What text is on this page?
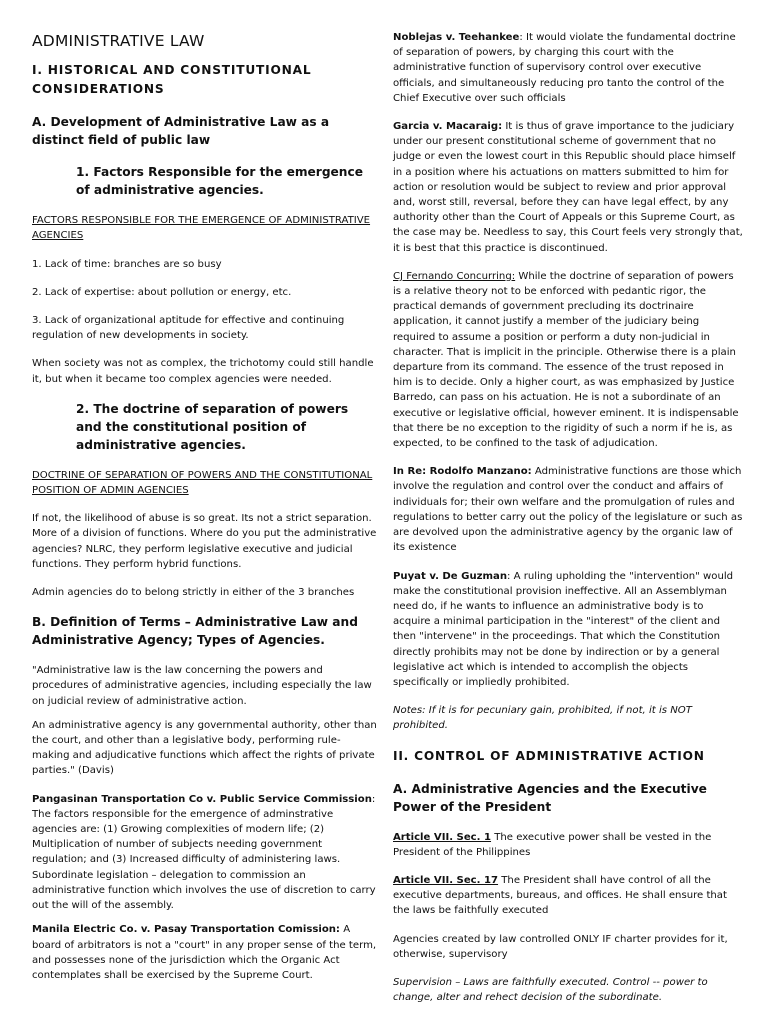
ADMINISTRATIVE LAW

I. HISTORICAL AND CONSTITUTIONAL CONSIDERATIONS

A. Development of Administrative Law as a distinct field of public law

1. Factors Responsible for the emergence of administrative agencies.

FACTORS RESPONSIBLE FOR THE EMERGENCE OF ADMINISTRATIVE AGENCIES

1. Lack of time: branches are so busy

2. Lack of expertise: about pollution or energy, etc.

3. Lack of organizational aptitude for effective and continuing regulation of new developments in society.

When society was not as complex, the trichotomy could still handle it, but when it became too complex agencies were needed.

2. The doctrine of separation of powers and the constitutional position of administrative agencies.

DOCTRINE OF SEPARATION OF POWERS AND THE CONSTITUTIONAL POSITION OF ADMIN AGENCIES

If not, the likelihood of abuse is so great. Its not a strict separation. More of a division of functions. Where do you put the administrative agencies? NLRC, they perform legislative executive and judicial functions. They perform hybrid functions.

Admin agencies do to belong strictly in either of the 3 branches

B. Definition of Terms – Administrative Law and Administrative Agency; Types of Agencies.

"Administrative law is the law concerning the powers and procedures of administrative agencies, including especially the law on judicial review of administrative action.

An administrative agency is any governmental authority, other than the court, and other than a legislative body, performing rule-making and adjudicative functions which affect the rights of private parties." (Davis)

Pangasinan Transportation Co v. Public Service Commission: The factors responsible for the emergence of adminstrative agencies are: (1) Growing complexities of modern life; (2) Multiplication of number of subjects needing government regulation; and (3) Increased difficulty of administering laws. Subordinate legislation – delegation to commission an administrative function which involves the use of discretion to carry out the will of the assembly.

Manila Electric Co. v. Pasay Transportation Comission: A board of arbitrators is not a "court" in any proper sense of the term, and possesses none of the jurisdiction which the Organic Act contemplates shall be exercised by the Supreme Court.

Noblejas v. Teehankee: It would violate the fundamental doctrine of separation of powers, by charging this court with the administrative function of supervisory control over executive officials, and simultaneously reducing pro tanto the control of the Chief Executive over such officials

Garcia v. Macaraig: It is thus of grave importance to the judiciary under our present constitutional scheme of government that no judge or even the lowest court in this Republic should place himself in a position where his actuations on matters submitted to him for action or resolution would be subject to review and prior approval and, worst still, reversal, before they can have legal effect, by any authority other than the Court of Appeals or this Supreme Court, as the case may be. Needless to say, this Court feels very strongly that, it is best that this practice is discontinued.

CJ Fernando Concurring: While the doctrine of separation of powers is a relative theory not to be enforced with pedantic rigor, the practical demands of government precluding its doctrinaire application, it cannot justify a member of the judiciary being required to assume a position or perform a duty non-judicial in character. That is implicit in the principle. Otherwise there is a plain departure from its command. The essence of the trust reposed in him is to decide. Only a higher court, as was emphasized by Justice Barredo, can pass on his actuation. He is not a subordinate of an executive or legislative official, however eminent. It is indispensable that there be no exception to the rigidity of such a norm if he is, as expected, to be confined to the task of adjudication.

In Re: Rodolfo Manzano: Administrative functions are those which involve the regulation and control over the conduct and affairs of individuals for; their own welfare and the promulgation of rules and regulations to better carry out the policy of the legislature or such as are devolved upon the administrative agency by the organic law of its existence

Puyat v. De Guzman: A ruling upholding the "intervention" would make the constitutional provision ineffective. All an Assemblyman need do, if he wants to influence an administrative body is to acquire a minimal participation in the "interest" of the client and then "intervene" in the proceedings. That which the Constitution directly prohibits may not be done by indirection or by a general legislative act which is intended to accomplish the objects specifically or impliedly prohibited.

Notes: If it is for pecuniary gain, prohibited, if not, it is NOT prohibited.

II. CONTROL OF ADMINISTRATIVE ACTION

A. Administrative Agencies and the Executive Power of the President

Article VII. Sec. 1 The executive power shall be vested in the President of the Philippines

Article VII. Sec. 17 The President shall have control of all the executive departments, bureaus, and offices. He shall ensure that the laws be faithfully executed

Agencies created by law controlled ONLY IF charter provides for it, otherwise, supervisory

Supervision – Laws are faithfully executed. Control -- power to change, alter and rehect decision of the subordinate.
